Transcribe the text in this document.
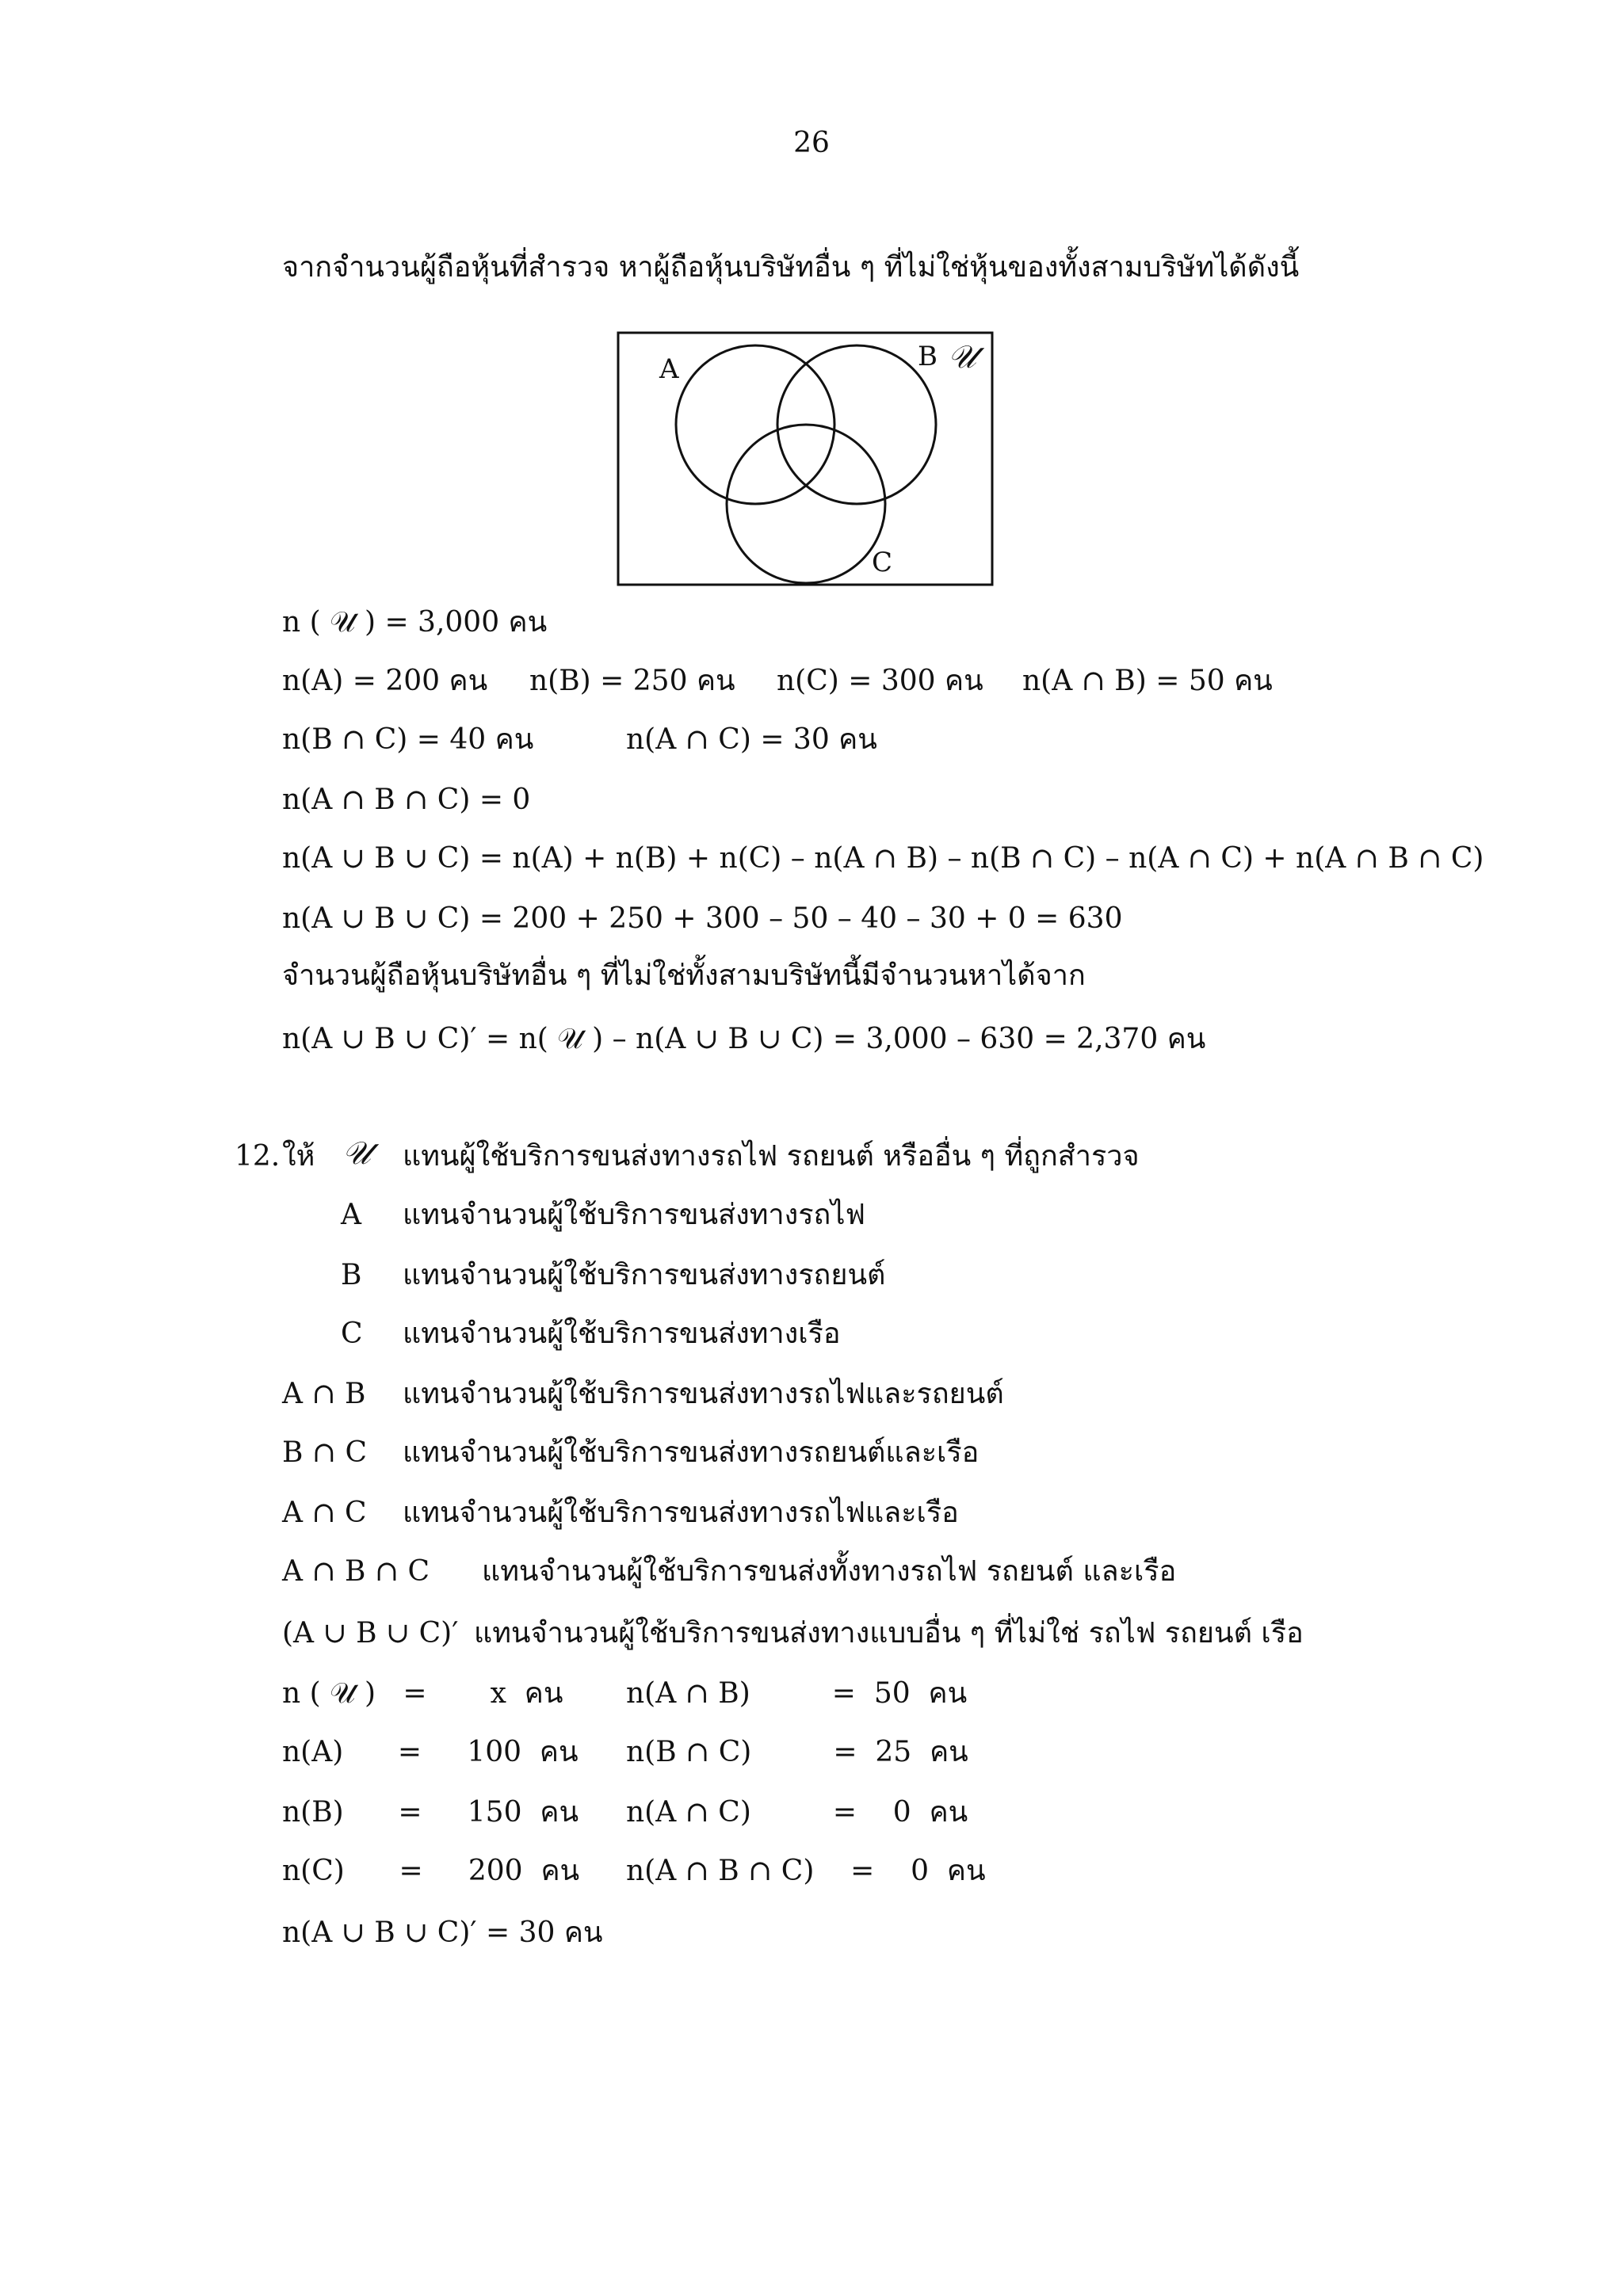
26
จากจำนวนผู้ถือหุ้นที่สำรวจ หาผู้ถือหุ้นบริษัทอื่น ๆ ที่ไม่ใช่หุ้นของทั้งสามบริษัทได้ดังนี้
A	B 𝒰
C
n ( 𝒰 ) = 3,000 คน
n(A) = 200 คน n(B) = 250 คน n(C) = 300 คน n(A ∩ B) = 50 คน
n(B ∩ C) = 40 คน	n(A ∩ C) = 30 คน
n(A ∩ B ∩ C) = 0
n(A ∪ B ∪ C) = n(A) + n(B) + n(C) – n(A ∩ B) – n(B ∩ C) – n(A ∩ C) + n(A ∩ B ∩ C)
n(A ∪ B ∪ C) = 200 + 250 + 300 – 50 – 40 – 30 + 0 = 630
จำนวนผู้ถือหุ้นบริษัทอื่น ๆ ที่ไม่ใช่ทั้งสามบริษัทนี้มีจำนวนหาได้จาก
n(A ∪ B ∪ C)′ = n( 𝒰 ) – n(A ∪ B ∪ C) = 3,000 – 630 = 2,370 คน
12. ให้ 𝒰 แทนผู้ใช้บริการขนส่งทางรถไฟ รถยนต์ หรืออื่น ๆ ที่ถูกสำรวจ
A แทนจำนวนผู้ใช้บริการขนส่งทางรถไฟ
B แทนจำนวนผู้ใช้บริการขนส่งทางรถยนต์
C แทนจำนวนผู้ใช้บริการขนส่งทางเรือ
A ∩ B แทนจำนวนผู้ใช้บริการขนส่งทางรถไฟและรถยนต์
B ∩ C แทนจำนวนผู้ใช้บริการขนส่งทางรถยนต์และเรือ
A ∩ C แทนจำนวนผู้ใช้บริการขนส่งทางรถไฟและเรือ
A ∩ B ∩ C แทนจำนวนผู้ใช้บริการขนส่งทั้งทางรถไฟ รถยนต์ และเรือ
(A ∪ B ∪ C)′ แทนจำนวนผู้ใช้บริการขนส่งทางแบบอื่น ๆ ที่ไม่ใช่ รถไฟ รถยนต์ เรือ
n ( 𝒰 )   =       x  คน n(A ∩ B)         =  50  คน
n(A)      =     100  คน n(B ∩ C)         =  25  คน
n(B)      =     150  คน n(A ∩ C)         =    0  คน
n(C)      =     200  คน n(A ∩ B ∩ C)    =    0  คน
n(A ∪ B ∪ C)′ = 30 คน
